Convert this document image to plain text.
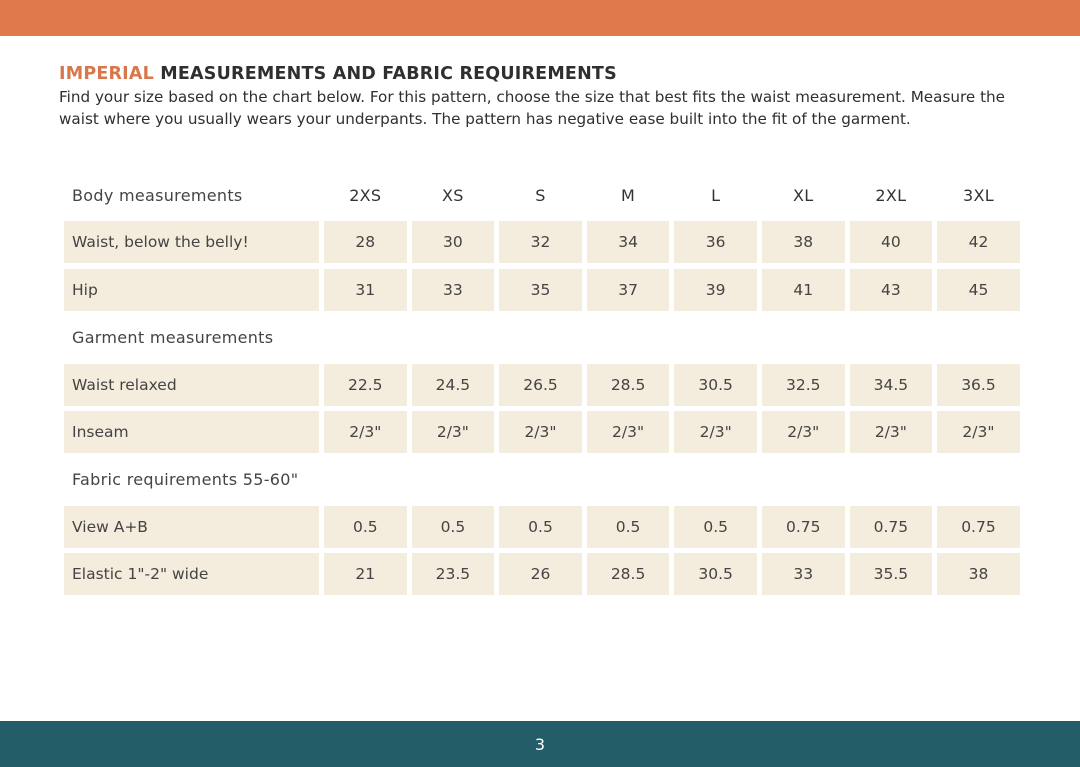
IMPERIAL MEASUREMENTS AND FABRIC REQUIREMENTS

Find your size based on the chart below. For this pattern, choose the size that best fits the waist measurement. Measure the waist where you usually wears your underpants. The pattern has negative ease built into the fit of the garment.

Body measurements	2XS	XS	S	M	L	XL	2XL	3XL
Waist, below the belly!	28	30	32	34	36	38	40	42
Hip	31	33	35	37	39	41	43	45
Garment measurements
Waist relaxed	22.5	24.5	26.5	28.5	30.5	32.5	34.5	36.5
Inseam	2/3"	2/3"	2/3"	2/3"	2/3"	2/3"	2/3"	2/3"
Fabric requirements 55-60"
View A+B	0.5	0.5	0.5	0.5	0.5	0.75	0.75	0.75
Elastic 1"-2" wide	21	23.5	26	28.5	30.5	33	35.5	38
3
